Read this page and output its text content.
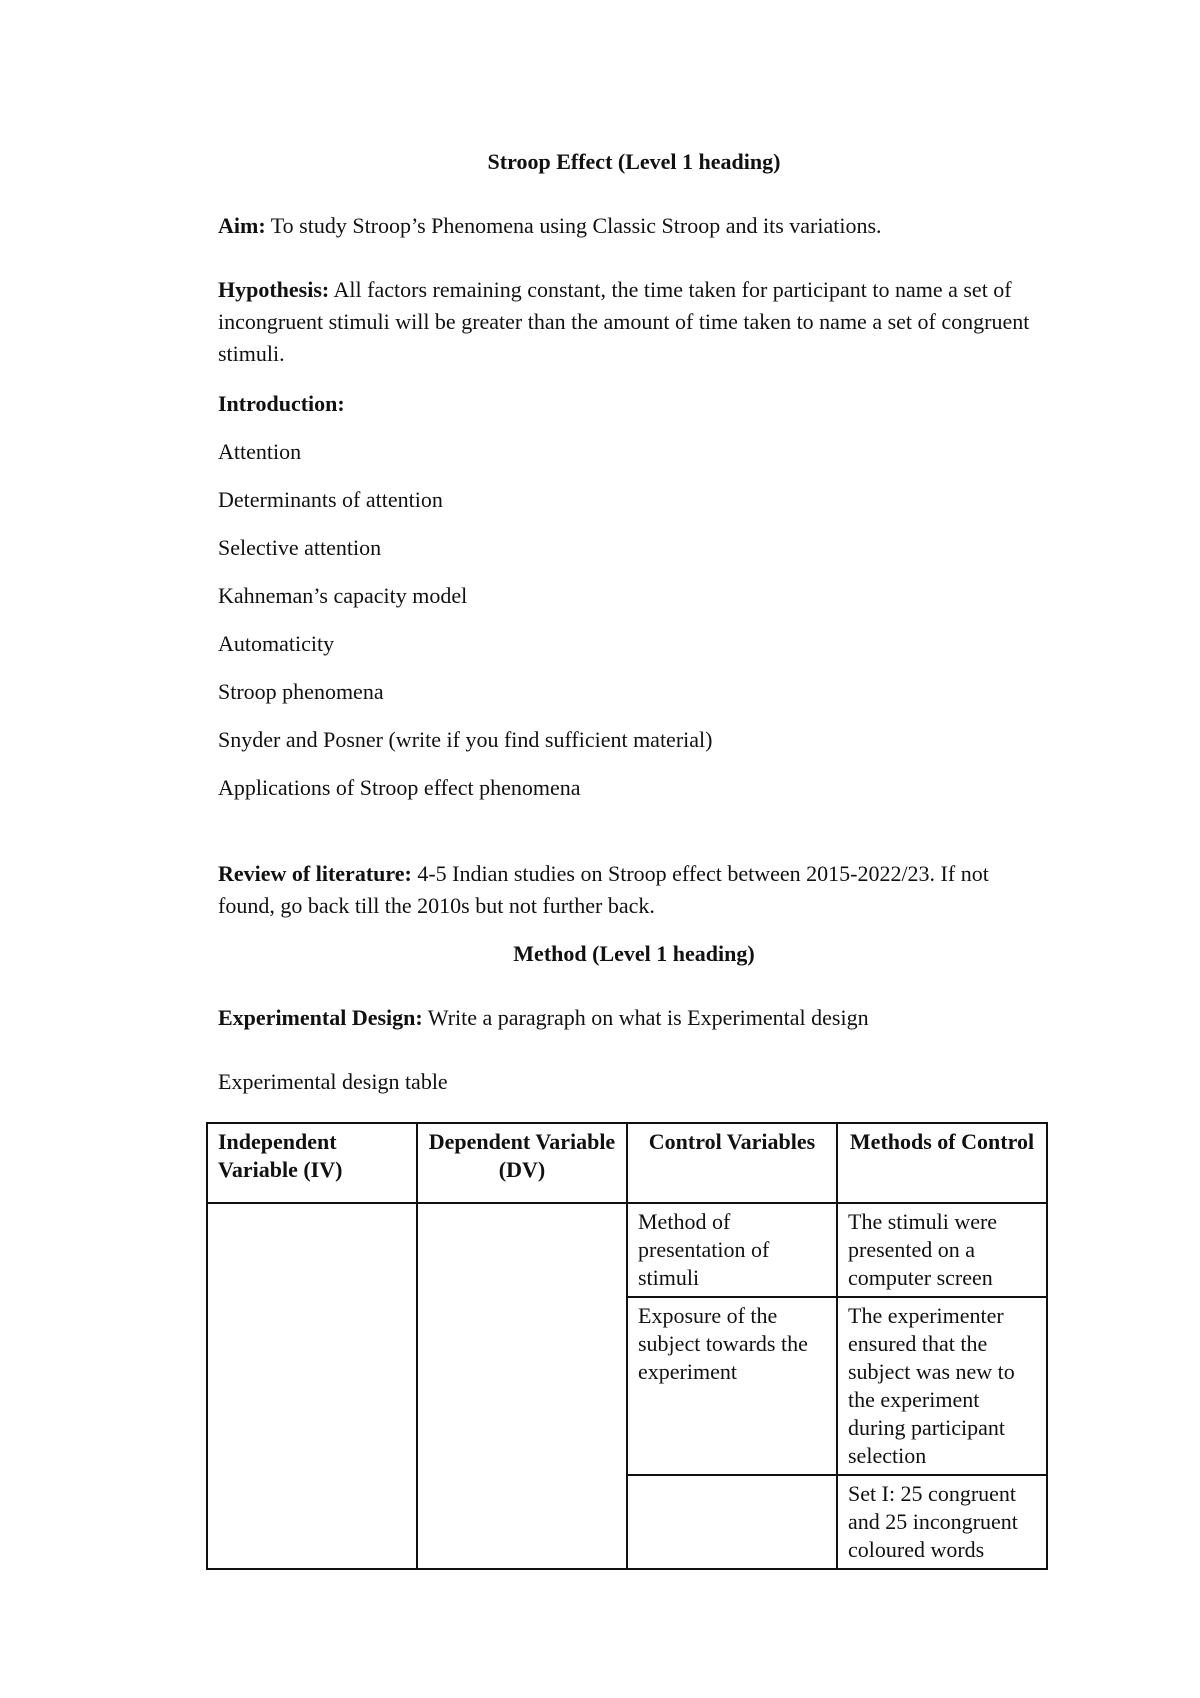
Stroop Effect (Level 1 heading)

Aim: To study Stroop’s Phenomena using Classic Stroop and its variations.

Hypothesis: All factors remaining constant, the time taken for participant to name a set of incongruent stimuli will be greater than the amount of time taken to name a set of congruent stimuli.

Introduction:

Attention

Determinants of attention

Selective attention

Kahneman’s capacity model

Automaticity

Stroop phenomena

Snyder and Posner (write if you find sufficient material)

Applications of Stroop effect phenomena

Review of literature: 4-5 Indian studies on Stroop effect between 2015-2022/23. If not found, go back till the 2010s but not further back.

Method (Level 1 heading)

Experimental Design: Write a paragraph on what is Experimental design

Experimental design table

Independent Variable (IV)	Dependent Variable (DV)	Control Variables	Methods of Control
		Method of presentation of stimuli	The stimuli were presented on a computer screen
		Exposure of the subject towards the experiment	The experimenter ensured that the subject was new to the experiment during participant selection
			Set I: 25 congruent and 25 incongruent coloured words
